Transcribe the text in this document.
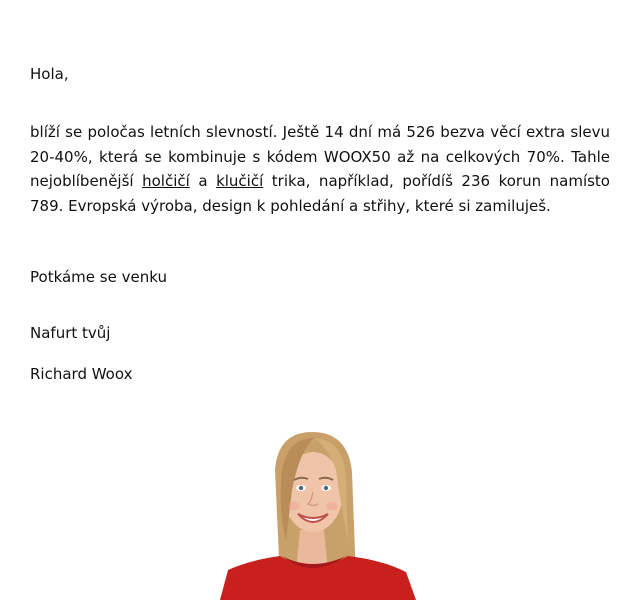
Hola,

blíží se poločas letních slevností. Ještě 14 dní má 526 bezva věcí extra slevu 20-40%, která se kombinuje s kódem WOOX50 až na celkových 70%. Tahle nejoblíbenější holčičí a klučičí trika, například, pořídíš 236 korun namísto 789. Evropská výroba, design k pohledání a střihy, které si zamiluješ.

Potkáme se venku

Nafurt tvůj

Richard Woox
